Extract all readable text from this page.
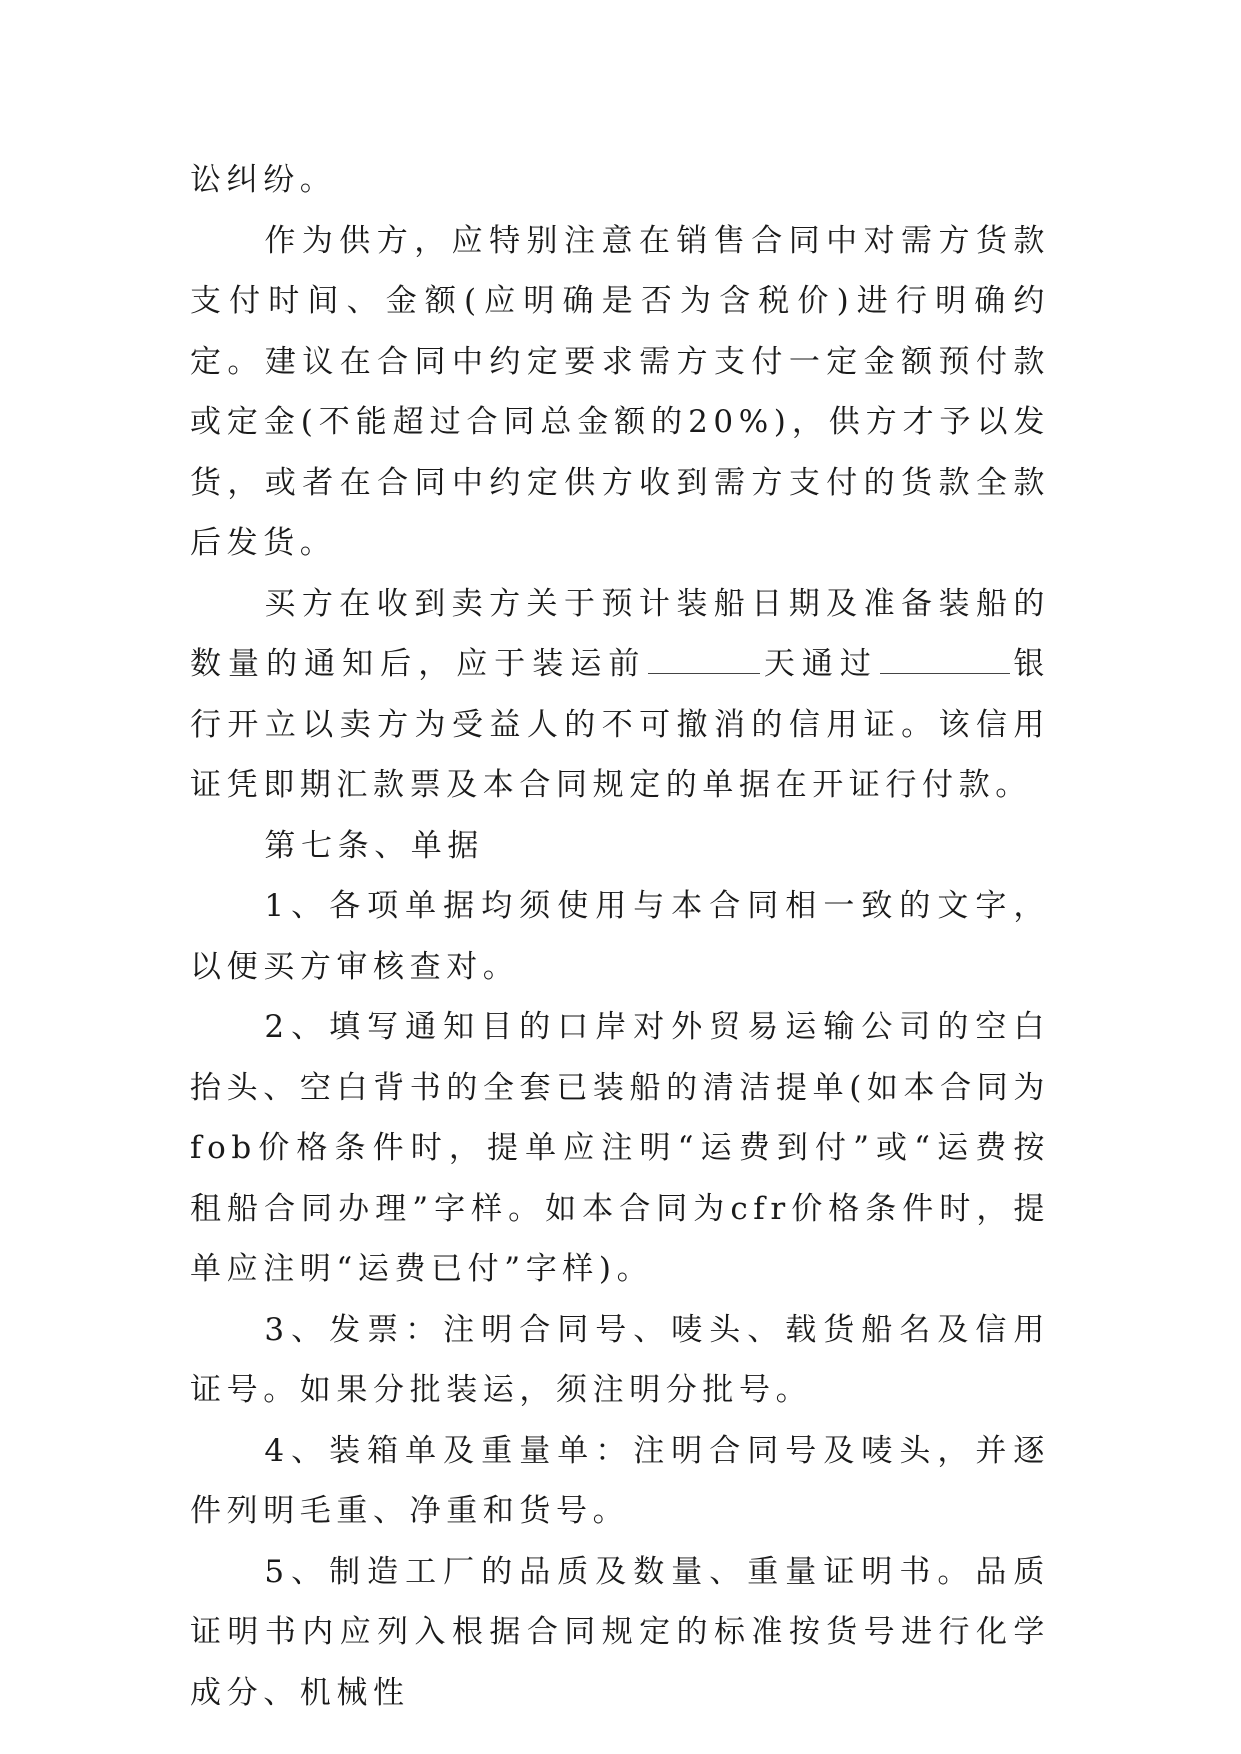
讼纠纷。

作为供方，应特别注意在销售合同中对需方货款支付时间、金额(应明确是否为含税价)进行明确约定。建议在合同中约定要求需方支付一定金额预付款或定金(不能超过合同总金额的20%)，供方才予以发货，或者在合同中约定供方收到需方支付的货款全款后发货。

买方在收到卖方关于预计装船日期及准备装船的数量的通知后，应于装运前	天通过	银行开立以卖方为受益人的不可撤消的信用证。该信用证凭即期汇款票及本合同规定的单据在开证行付款。

第七条、单据

1、各项单据均须使用与本合同相一致的文字，以便买方审核查对。

2、填写通知目的口岸对外贸易运输公司的空白抬头、空白背书的全套已装船的清洁提单(如本合同为fob价格条件时，提单应注明“运费到付”或“运费按租船合同办理”字样。如本合同为cfr价格条件时，提单应注明“运费已付”字样)。

3、发票：注明合同号、唛头、载货船名及信用证号。如果分批装运，须注明分批号。

4、装箱单及重量单：注明合同号及唛头，并逐件列明毛重、净重和货号。

5、制造工厂的品质及数量、重量证明书。品质证明书内应列入根据合同规定的标准按货号进行化学成分、机械性
